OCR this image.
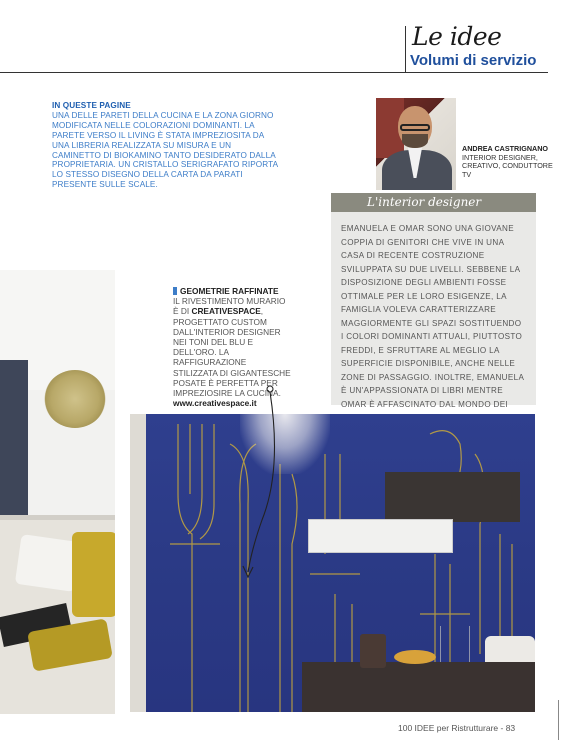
Le idee
Volumi di servizio
IN QUESTE PAGINE
UNA DELLE PARETI DELLA CUCINA E LA ZONA GIORNO MODIFICATA NELLE COLORAZIONI DOMINANTI. LA PARETE VERSO IL LIVING È STATA IMPREZIOSITA DA UNA LIBRERIA REALIZZATA SU MISURA E UN CAMINETTO DI BIOKAMINO TANTO DESIDERATO DALLA PROPRIETARIA. UN CRISTALLO SERIGRAFATO RIPORTA LO STESSO DISEGNO DELLA CARTA DA PARATI PRESENTE SULLE SCALE.
ANDREA CASTRIGNANO
INTERIOR DESIGNER, CREATIVO, CONDUTTORE TV
L'interior designer
EMANUELA E OMAR SONO UNA GIOVANE COPPIA DI GENITORI CHE VIVE IN UNA CASA DI RECENTE COSTRUZIONE SVILUPPATA SU DUE LIVELLI. SEBBENE LA DISPOSIZIONE DEGLI AMBIENTI FOSSE OTTIMALE PER LE LORO ESIGENZE, LA FAMIGLIA VOLEVA CARATTERIZZARE MAGGIORMENTE GLI SPAZI SOSTITUENDO I COLORI DOMINANTI ATTUALI, PIUTTOSTO FREDDI, E SFRUTTARE AL MEGLIO LA SUPERFICIE DISPONIBILE, ANCHE NELLE ZONE DI PASSAGGIO. INOLTRE, EMANUELA È UN'APPASSIONATA DI LIBRI MENTRE OMAR È AFFASCINATO DAL MONDO DEI
GEOMETRIE RAFFINATE
IL RIVESTIMENTO MURARIO È DI CREATIVESPACE, PROGETTATO CUSTOM DALL'INTERIOR DESIGNER NEI TONI DEL BLU E DELL'ORO. LA RAFFIGURAZIONE STILIZZATA DI GIGANTESCHE POSATE È PERFETTA PER IMPREZIOSIRE LA CUCINA.
www.creativespace.it
100 IDEE per Ristrutturare - 83
